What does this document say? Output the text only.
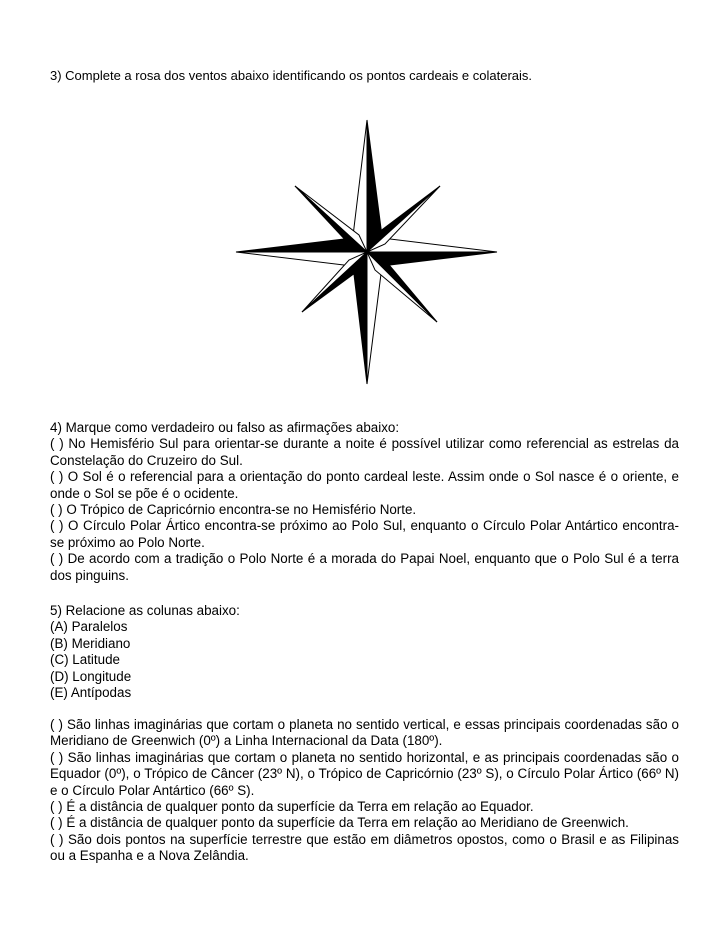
3) Complete a rosa dos ventos abaixo identificando os pontos cardeais e colaterais.

4) Marque como verdadeiro ou falso as afirmações abaixo:

( ) No Hemisfério Sul para orientar-se durante a noite é possível utilizar como referencial as estrelas da Constelação do Cruzeiro do Sul.

( ) O Sol é o referencial para a orientação do ponto cardeal leste. Assim onde o Sol nasce é o oriente, e onde o Sol se põe é o ocidente.

( ) O Trópico de Capricórnio encontra-se no Hemisfério Norte.

( ) O Círculo Polar Ártico encontra-se próximo ao Polo Sul, enquanto o Círculo Polar Antártico encontra-se próximo ao Polo Norte.

( ) De acordo com a tradição o Polo Norte é a morada do Papai Noel, enquanto que o Polo Sul é a terra dos pinguins.

5) Relacione as colunas abaixo:

(A) Paralelos

(B) Meridiano

(C) Latitude

(D) Longitude

(E) Antípodas

( ) São linhas imaginárias que cortam o planeta no sentido vertical, e essas principais coordenadas são o Meridiano de Greenwich (0º) a Linha Internacional da Data (180º).

( ) São linhas imaginárias que cortam o planeta no sentido horizontal, e as principais coordenadas são o Equador (0º), o Trópico de Câncer (23º N), o Trópico de Capricórnio (23º S), o Círculo Polar Ártico (66º N) e o Círculo Polar Antártico (66º S).

( ) É a distância de qualquer ponto da superfície da Terra em relação ao Equador.

( ) É a distância de qualquer ponto da superfície da Terra em relação ao Meridiano de Greenwich.

( ) São dois pontos na superfície terrestre que estão em diâmetros opostos, como o Brasil e as Filipinas ou a Espanha e a Nova Zelândia.
